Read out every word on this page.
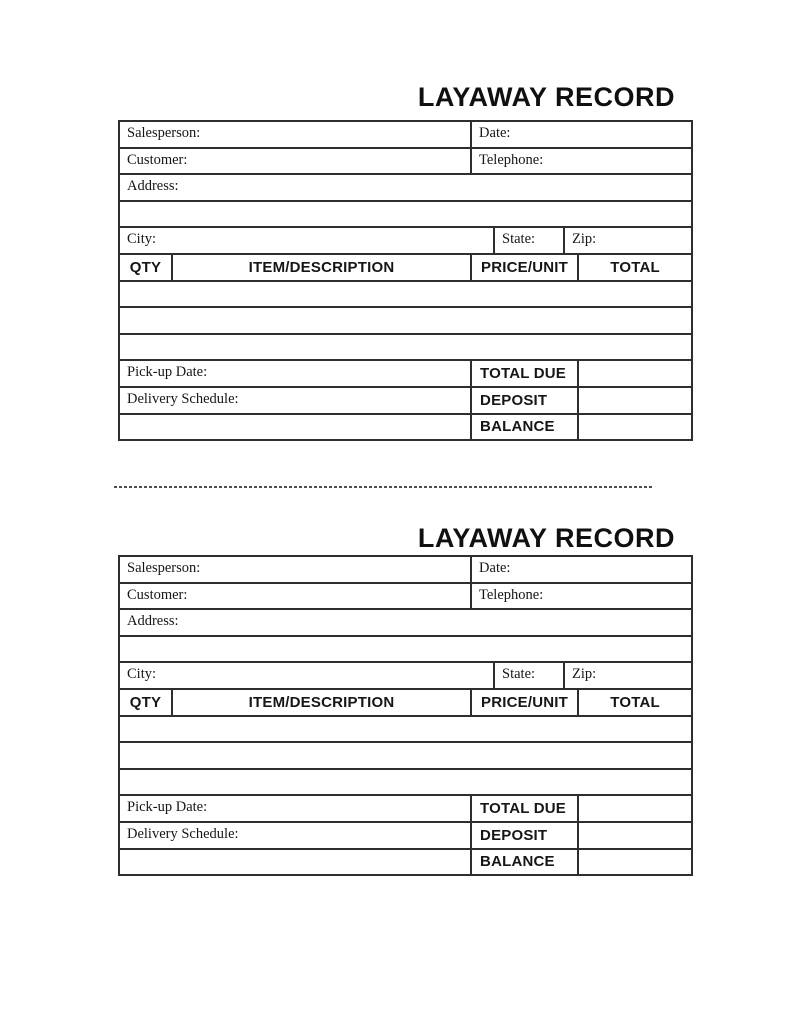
LAYAWAY RECORD
Salesperson:		Date:			
Customer:		Telephone:			
Address:					

City:			State:	Zip:	
QTY	ITEM/DESCRIPTION	PRICE/UNIT			TOTAL

Pick-up Date:		TOTAL DUE			
Delivery Schedule:		DEPOSIT			
		BALANCE			
LAYAWAY RECORD
Salesperson:		Date:			
Customer:		Telephone:			
Address:					

City:			State:	Zip:	
QTY	ITEM/DESCRIPTION	PRICE/UNIT			TOTAL

Pick-up Date:		TOTAL DUE			
Delivery Schedule:		DEPOSIT			
		BALANCE			
